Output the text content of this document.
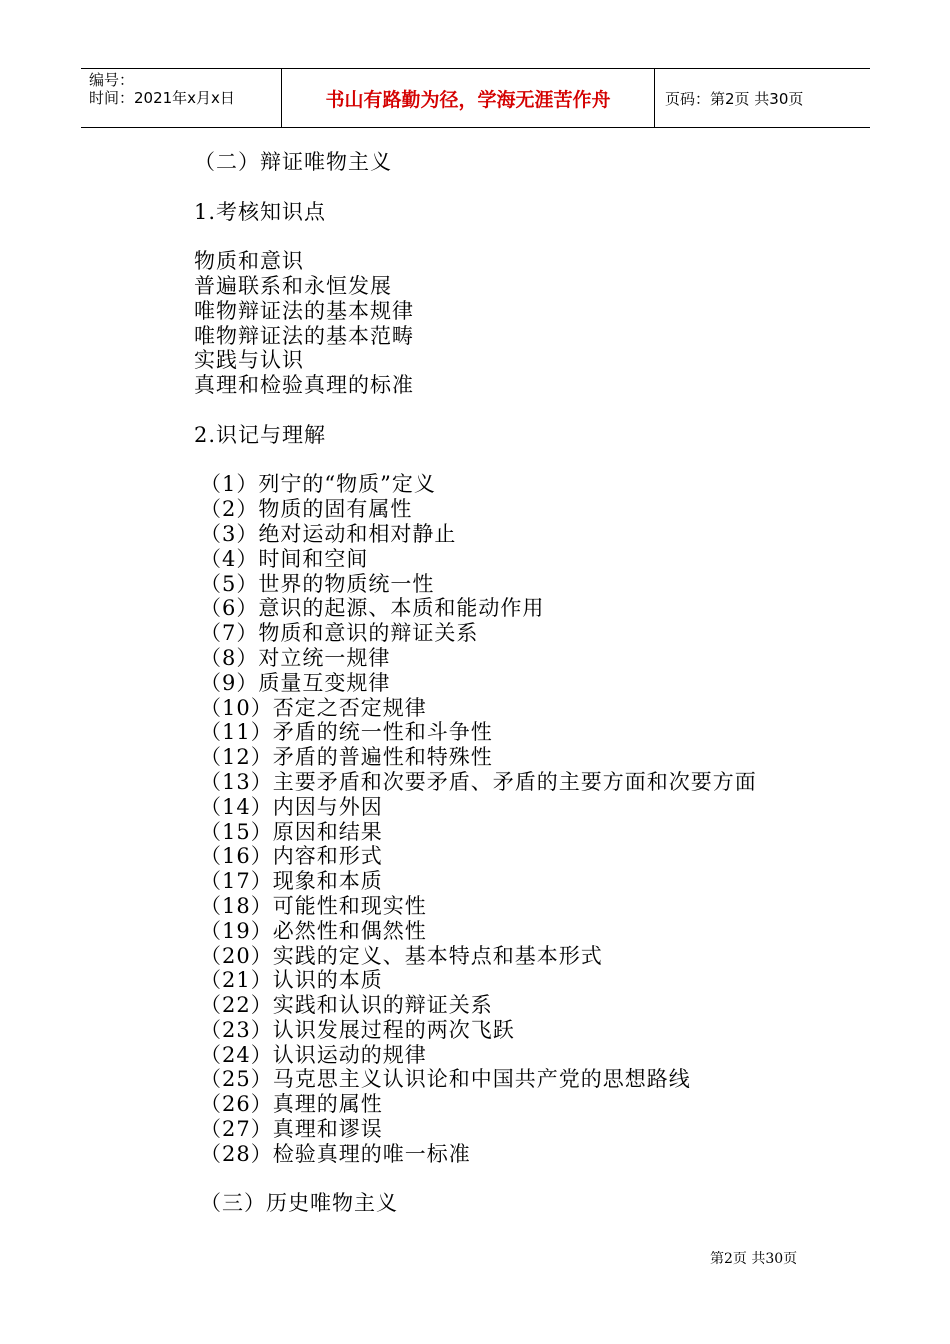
编号：
时间：2021年x月x日	书山有路勤为径，学海无涯苦作舟	页码：第2页 共30页
（二）辩证唯物主义
1.考核知识点
物质和意识
普遍联系和永恒发展
唯物辩证法的基本规律
唯物辩证法的基本范畴
实践与认识
真理和检验真理的标准
2.识记与理解
（1）列宁的“物质”定义
（2）物质的固有属性
（3）绝对运动和相对静止
（4）时间和空间
（5）世界的物质统一性
（6）意识的起源、本质和能动作用
（7）物质和意识的辩证关系
（8）对立统一规律
（9）质量互变规律
（10）否定之否定规律
（11）矛盾的统一性和斗争性
（12）矛盾的普遍性和特殊性
（13）主要矛盾和次要矛盾、矛盾的主要方面和次要方面
（14）内因与外因
（15）原因和结果
（16）内容和形式
（17）现象和本质
（18）可能性和现实性
（19）必然性和偶然性
（20）实践的定义、基本特点和基本形式
（21）认识的本质
（22）实践和认识的辩证关系
（23）认识发展过程的两次飞跃
（24）认识运动的规律
（25）马克思主义认识论和中国共产党的思想路线
（26）真理的属性
（27）真理和谬误
（28）检验真理的唯一标准
（三）历史唯物主义
第2页 共30页
